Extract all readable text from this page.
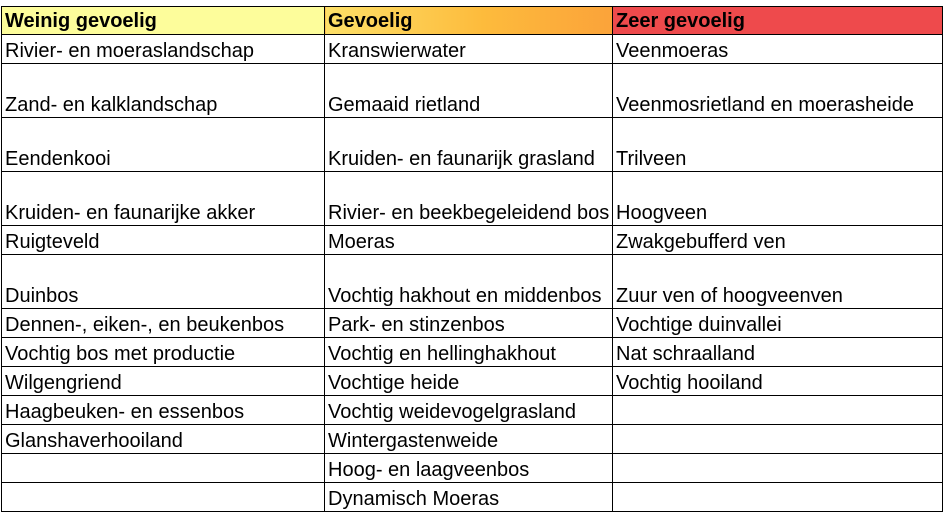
Weinig gevoelig	Gevoelig	Zeer gevoelig

Rivier- en moeraslandschap	Kranswierwater	Veenmoeras

Zand- en kalklandschap	Gemaaid rietland	Veenmosrietland en moerasheide

Eendenkooi	Kruiden- en faunarijk grasland	Trilveen

Kruiden- en faunarijke akker	Rivier- en beekbegeleidend bos	Hoogveen

Ruigteveld	Moeras	Zwakgebufferd ven

Duinbos	Vochtig hakhout en middenbos	Zuur ven of hoogveenven

Dennen-, eiken-, en beukenbos	Park- en stinzenbos	Vochtige duinvallei

Vochtig bos met productie	Vochtig en hellinghakhout	Nat schraalland

Wilgengriend	Vochtige heide	Vochtig hooiland

Haagbeuken- en essenbos	Vochtig weidevogelgrasland	

Glanshaverhooiland	Wintergastenweide	

	Hoog- en laagveenbos	

	Dynamisch Moeras	
